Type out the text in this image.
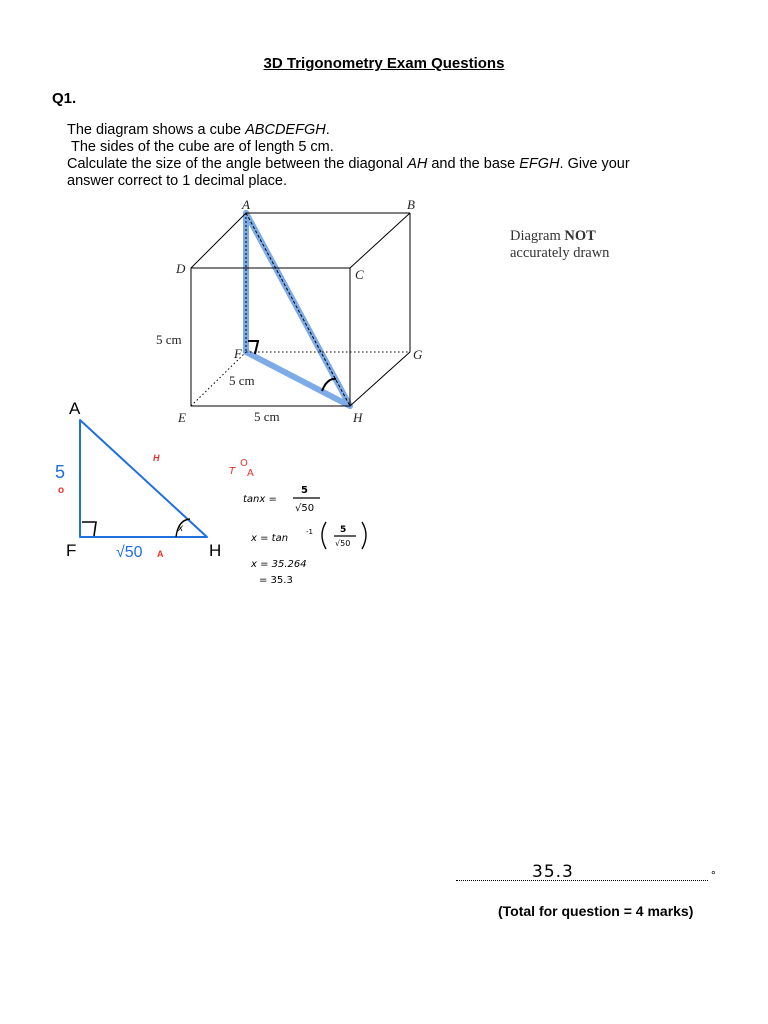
3D Trigonometry Exam Questions
Q1.
The diagram shows a cube ABCDEFGH.
The sides of the cube are of length 5 cm.
Calculate the size of the angle between the diagonal AH and the base EFGH. Give your
answer correct to 1 decimal place.
Diagram NOT
accurately drawn
A	B
C
D
E
F	G
H
5 cm
5 cm
5 cm
x
A
F	H
5
o
√50 A
H
T
O
A
tanx =
5
√50
x = tan
-1	5
√50
x = 35.264
= 35.3
35.3	°
(Total for question = 4 marks)
